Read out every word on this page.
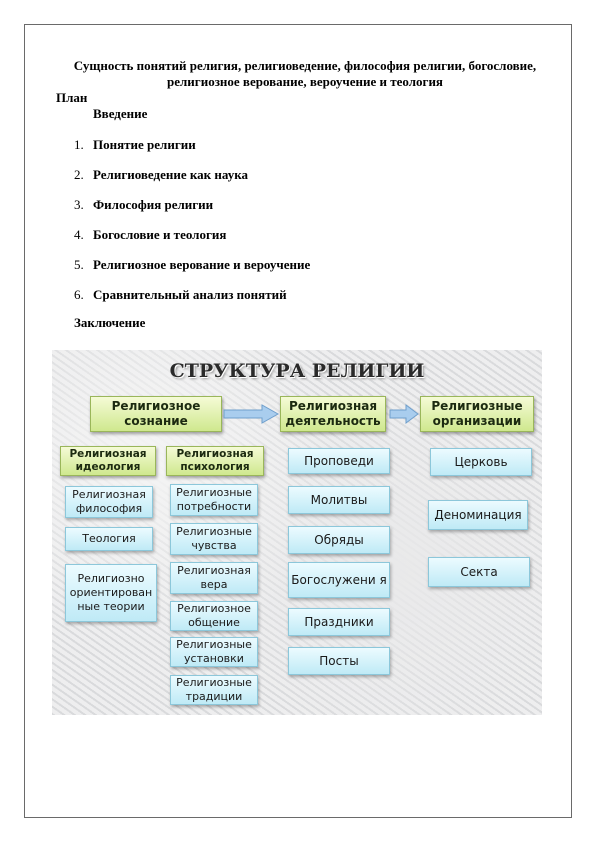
Сущность понятий религия, религиоведение, философия религии, богословие, религиозное верование, вероучение и теология

План
Введение
1. Понятие религии
2. Религиоведение как наука
3. Философия религии
4. Богословие и теология
5. Религиозное верование и вероучение
6. Сравнительный анализ понятий
Заключение

СТРУКТУРА РЕЛИГИИ

Религиозное сознание
Религиозная деятельность
Религиозные организации
Религиозная идеология
Религиозная философия
Теология
Религиозно ориентирован ные теории
Религиозная психология
Религиозные потребности
Религиозные чувства
Религиозная вера
Религиозное общение
Религиозные установки
Религиозные традиции
Проповеди
Молитвы
Обряды
Богослужени я
Праздники
Посты
Церковь
Деноминация
Секта
